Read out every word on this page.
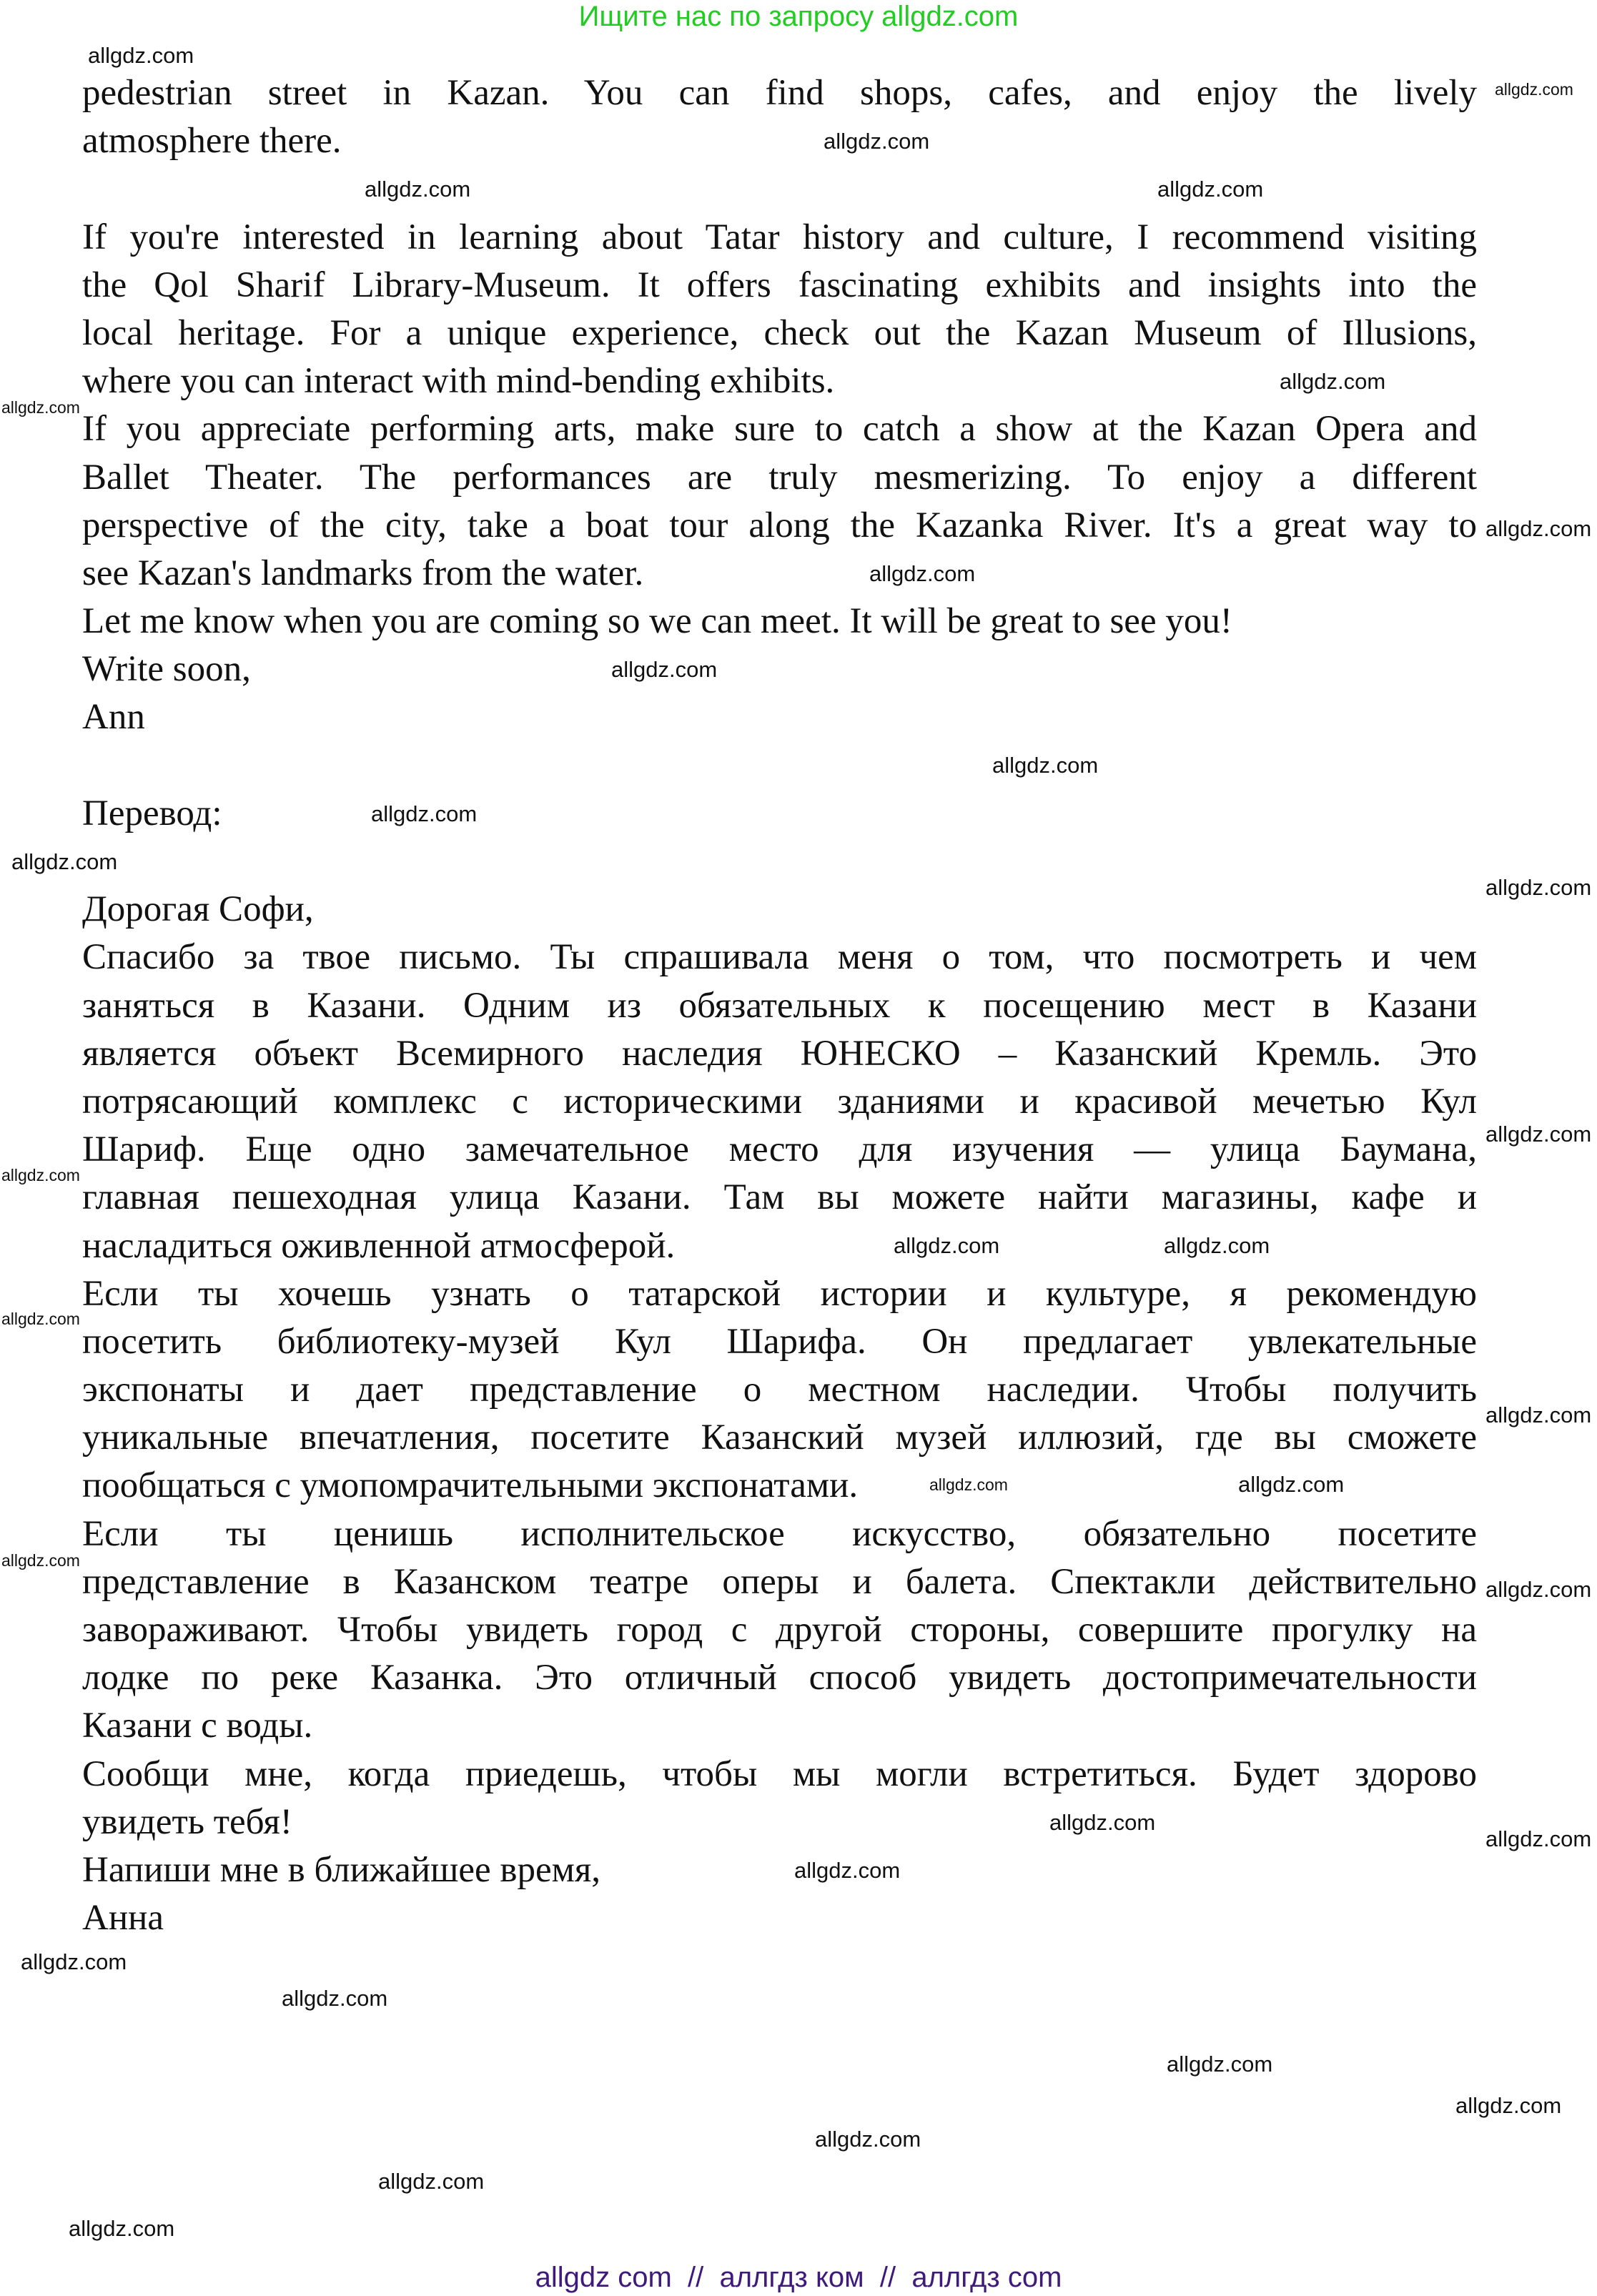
Ищите нас по запросу allgdz.com
pedestrian street in Kazan. You can find shops, cafes, and enjoy the lively
atmosphere there.
If you're interested in learning about Tatar history and culture, I recommend visiting
the Qol Sharif Library-Museum. It offers fascinating exhibits and insights into the
local heritage. For a unique experience, check out the Kazan Museum of Illusions,
where you can interact with mind-bending exhibits.
If you appreciate performing arts, make sure to catch a show at the Kazan Opera and
Ballet Theater. The performances are truly mesmerizing. To enjoy a different
perspective of the city, take a boat tour along the Kazanka River. It's a great way to
see Kazan's landmarks from the water.
Let me know when you are coming so we can meet. It will be great to see you!
Write soon,
Ann
Перевод:
Дорогая Софи,
Спасибо за твое письмо. Ты спрашивала меня о том, что посмотреть и чем
заняться в Казани. Одним из обязательных к посещению мест в Казани
является объект Всемирного наследия ЮНЕСКО – Казанский Кремль. Это
потрясающий комплекс с историческими зданиями и красивой мечетью Кул
Шариф. Еще одно замечательное место для изучения — улица Баумана,
главная пешеходная улица Казани. Там вы можете найти магазины, кафе и
насладиться оживленной атмосферой.
Если ты хочешь узнать о татарской истории и культуре, я рекомендую
посетить библиотеку-музей Кул Шарифа. Он предлагает увлекательные
экспонаты и дает представление о местном наследии. Чтобы получить
уникальные впечатления, посетите Казанский музей иллюзий, где вы сможете
пообщаться с умопомрачительными экспонатами.
Если ты ценишь исполнительское искусство, обязательно посетите
представление в Казанском театре оперы и балета. Спектакли действительно
завораживают. Чтобы увидеть город с другой стороны, совершите прогулку на
лодке по реке Казанка. Это отличный способ увидеть достопримечательности
Казани с воды.
Сообщи мне, когда приедешь, чтобы мы могли встретиться. Будет здорово
увидеть тебя!
Напиши мне в ближайшее время,
Анна
allgdz.com
allgdz.com
allgdz.com
allgdz.com	allgdz.com
allgdz.com
allgdz.com
allgdz.com
allgdz.com
allgdz.com
allgdz.com
allgdz.com
allgdz.com
allgdz.com
allgdz.com
allgdz.com
allgdz.com
allgdz.com
allgdz.com
allgdz.com
allgdz.com	allgdz.com
allgdz.com
allgdz.com
allgdz.com
allgdz.com
allgdz.com
allgdz.com
allgdz.com
allgdz.com
allgdz.com
allgdz.com
allgdz.com
allgdz.com
allgdz com  //  аллгдз ком  //  аллгдз com
